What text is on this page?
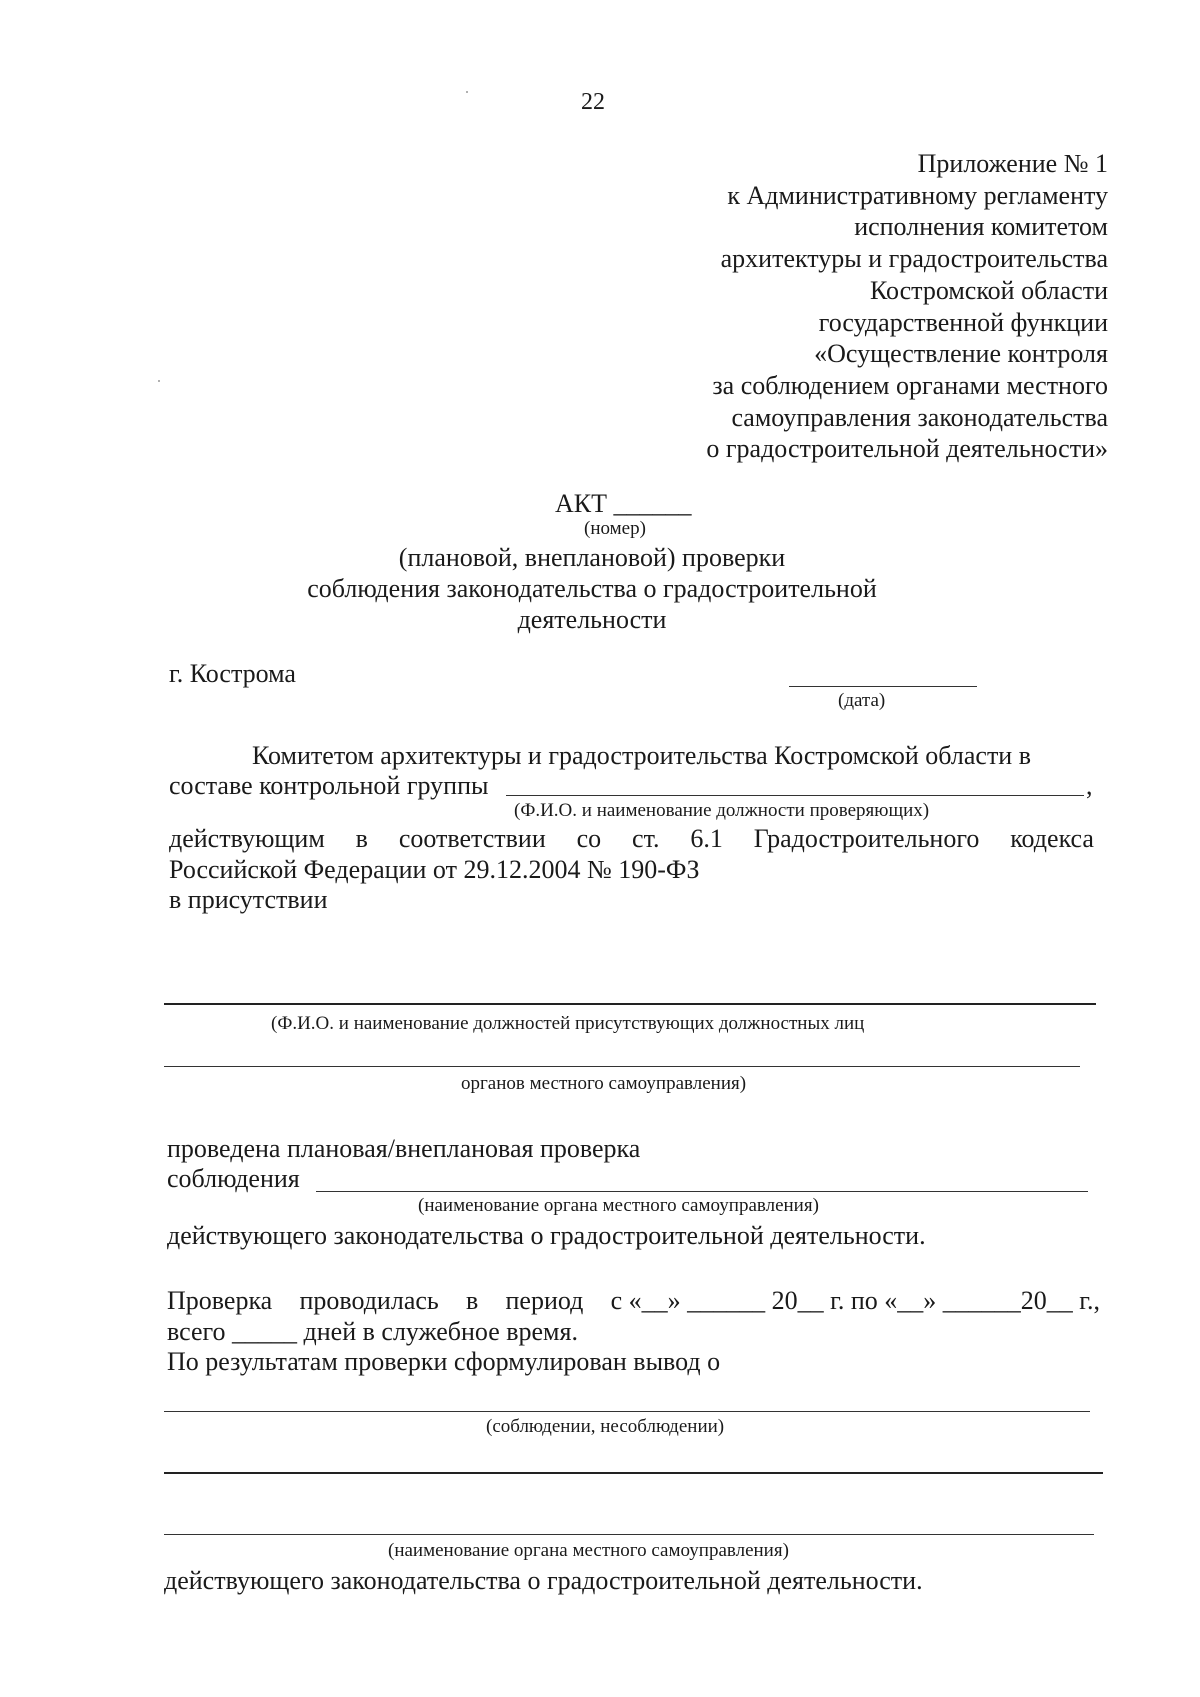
22
Приложение № 1
к Административному регламенту
исполнения комитетом
архитектуры и градостроительства
Костромской области
государственной функции
«Осуществление контроля
за соблюдением органами местного
самоуправления законодательства
о градостроительной деятельности»
АКТ ______
(номер)
(плановой, внеплановой) проверки
соблюдения законодательства о градостроительной
деятельности
г. Кострома
(дата)
Комитетом архитектуры и градостроительства Костромской области в
составе контрольной группы	,
(Ф.И.О. и наименование должности проверяющих)
действующим в соответствии со ст. 6.1 Градостроительного кодекса
Российской Федерации от 29.12.2004 № 190-ФЗ
в присутствии
(Ф.И.О. и наименование должностей присутствующих должностных лиц
органов местного самоуправления)
проведена плановая/внеплановая проверка
соблюдения
(наименование органа местного самоуправления)
действующего законодательства о градостроительной деятельности.
Проверка проводилась в период с «__» ______ 20__ г. по «__» ______20__ г.,
всего _____ дней в служебное время.
По результатам проверки сформулирован вывод о
(соблюдении, несоблюдении)
(наименование органа местного самоуправления)
действующего законодательства о градостроительной деятельности.
